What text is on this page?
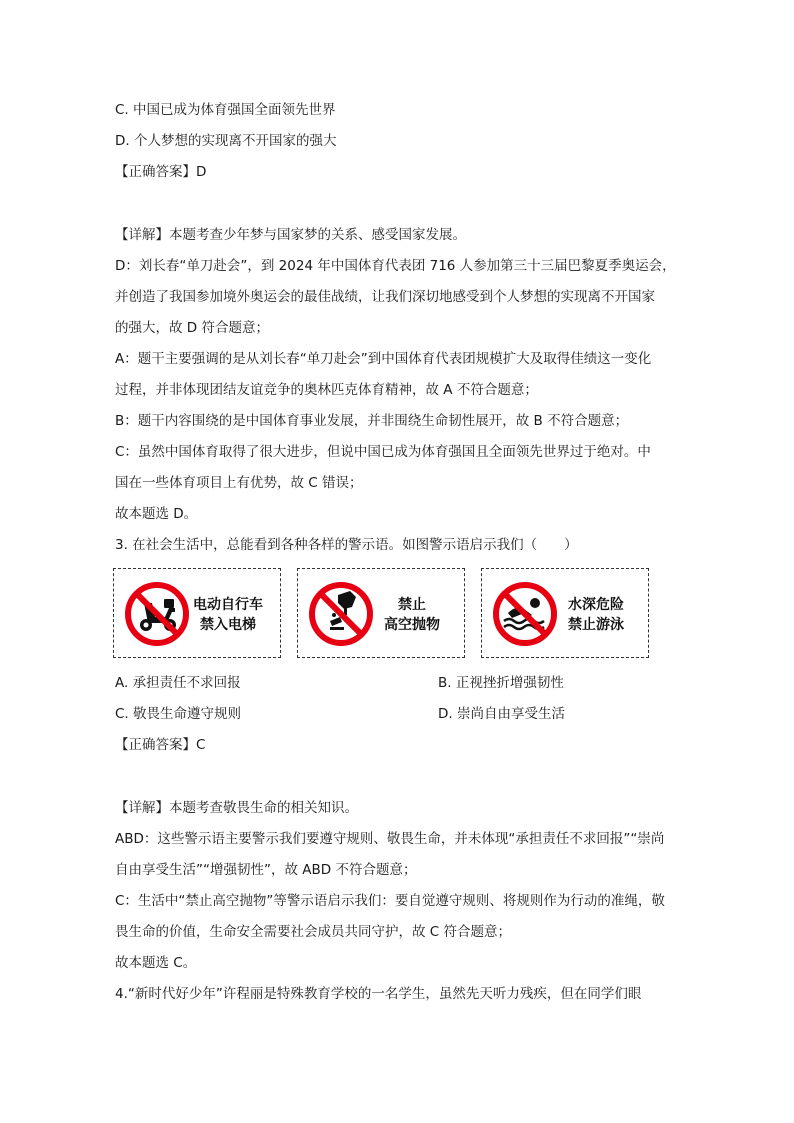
C. 中国已成为体育强国全面领先世界
D. 个人梦想的实现离不开国家的强大
【正确答案】D
【详解】本题考查少年梦与国家梦的关系、感受国家发展。
D：刘长春“单刀赴会”，到 2024 年中国体育代表团 716 人参加第三十三届巴黎夏季奥运会，
并创造了我国参加境外奥运会的最佳战绩，让我们深切地感受到个人梦想的实现离不开国家
的强大，故 D 符合题意；
A：题干主要强调的是从刘长春“单刀赴会”到中国体育代表团规模扩大及取得佳绩这一变化
过程，并非体现团结友谊竞争的奥林匹克体育精神，故 A 不符合题意；
B：题干内容围绕的是中国体育事业发展，并非围绕生命韧性展开，故 B 不符合题意；
C：虽然中国体育取得了很大进步，但说中国已成为体育强国且全面领先世界过于绝对。中
国在一些体育项目上有优势，故 C 错误；
故本题选 D。
3. 在社会生活中，总能看到各种各样的警示语。如图警示语启示我们（　　）
电动自行车
禁入电梯
禁止
高空抛物
水深危险
禁止游泳
A. 承担责任不求回报	B. 正视挫折增强韧性
C. 敬畏生命遵守规则	D. 崇尚自由享受生活
【正确答案】C
【详解】本题考查敬畏生命的相关知识。
ABD：这些警示语主要警示我们要遵守规则、敬畏生命，并未体现“承担责任不求回报”“崇尚
自由享受生活”“增强韧性”，故 ABD 不符合题意；
C：生活中“禁止高空抛物”等警示语启示我们：要自觉遵守规则、将规则作为行动的准绳，敬
畏生命的价值，生命安全需要社会成员共同守护，故 C 符合题意；
故本题选 C。
4.“新时代好少年”许程丽是特殊教育学校的一名学生，虽然先天听力残疾，但在同学们眼
